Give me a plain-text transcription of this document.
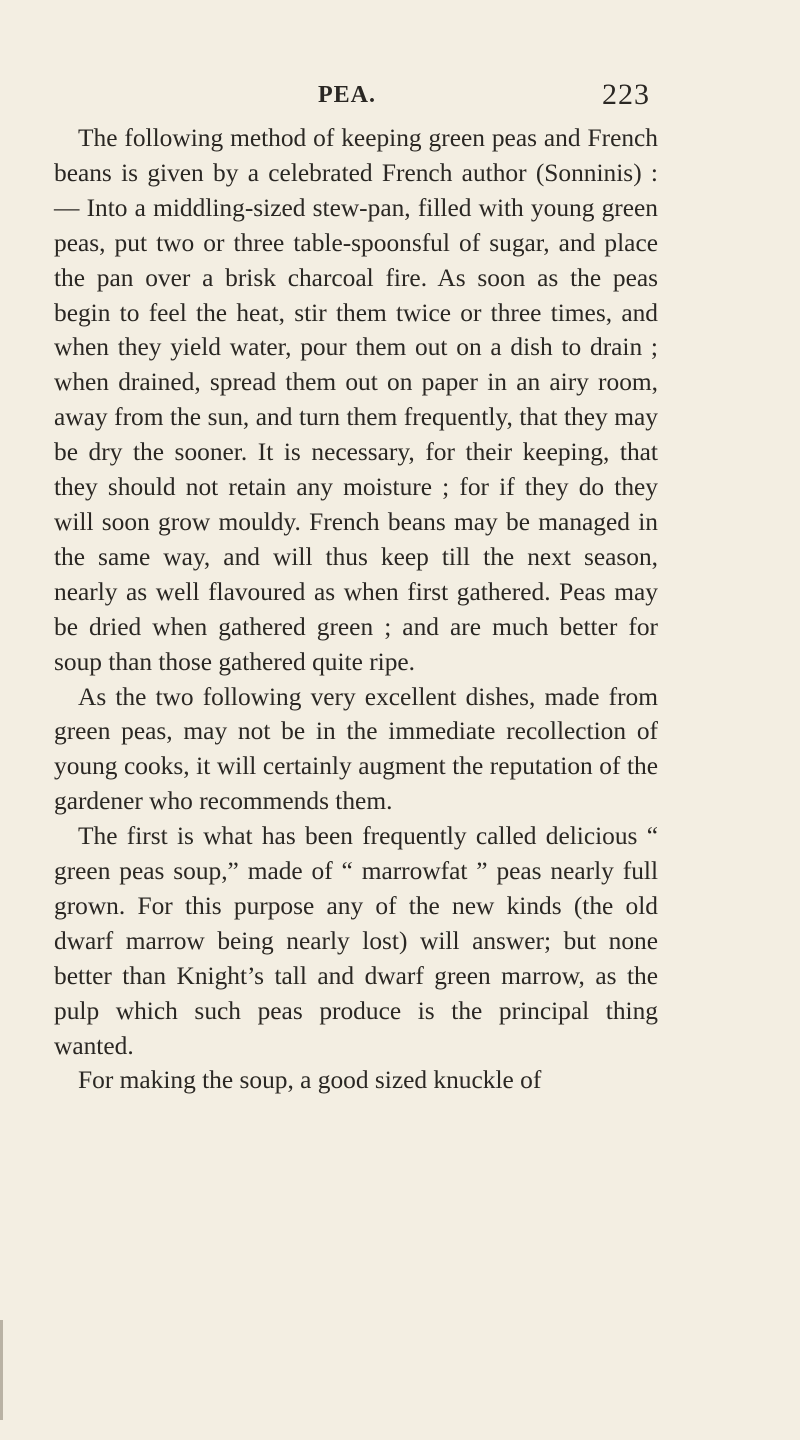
PEA.	223

The following method of keeping green peas and French beans is given by a celebrated French author (Sonninis) : — Into a middling-sized stew-pan, filled with young green peas, put two or three table-spoonsful of sugar, and place the pan over a brisk charcoal fire. As soon as the peas begin to feel the heat, stir them twice or three times, and when they yield water, pour them out on a dish to drain ; when drained, spread them out on paper in an airy room, away from the sun, and turn them frequently, that they may be dry the sooner. It is necessary, for their keeping, that they should not retain any moisture ; for if they do they will soon grow mouldy. French beans may be managed in the same way, and will thus keep till the next season, nearly as well flavoured as when first gathered. Peas may be dried when gathered green ; and are much better for soup than those gathered quite ripe.

As the two following very excellent dishes, made from green peas, may not be in the immediate recollection of young cooks, it will certainly augment the reputation of the gardener who recommends them.

The first is what has been frequently called delicious “ green peas soup,” made of “ marrowfat ” peas nearly full grown. For this purpose any of the new kinds (the old dwarf marrow being nearly lost) will answer; but none better than Knight’s tall and dwarf green marrow, as the pulp which such peas produce is the principal thing wanted.

For making the soup, a good sized knuckle of
